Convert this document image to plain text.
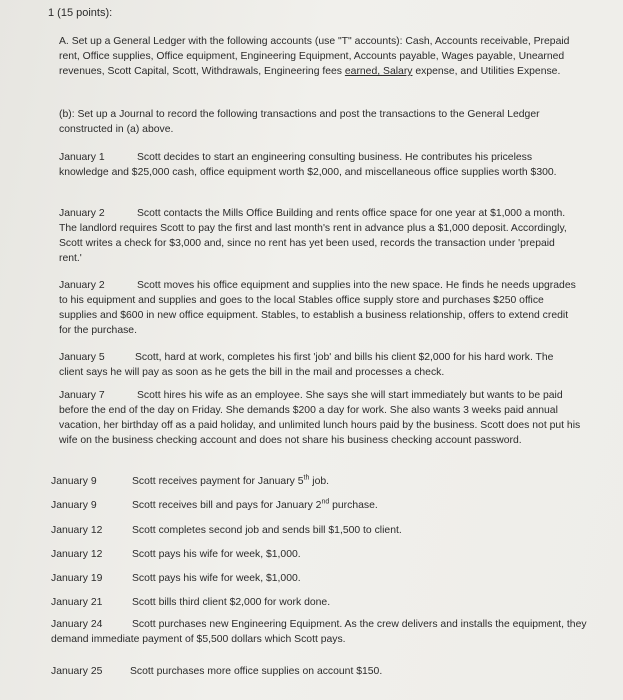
1 (15 points):
A. Set up a General Ledger with the following accounts (use "T" accounts): Cash, Accounts receivable, Prepaid rent, Office supplies, Office equipment, Engineering Equipment, Accounts payable, Wages payable, Unearned revenues, Scott Capital, Scott, Withdrawals, Engineering fees earned, Salary expense, and Utilities Expense.
(b): Set up a Journal to record the following transactions and post the transactions to the General Ledger constructed in (a) above.
January 1	Scott decides to start an engineering consulting business. He contributes his priceless knowledge and $25,000 cash, office equipment worth $2,000, and miscellaneous office supplies worth $300.
January 2	Scott contacts the Mills Office Building and rents office space for one year at $1,000 a month. The landlord requires Scott to pay the first and last month's rent in advance plus a $1,000 deposit. Accordingly, Scott writes a check for $3,000 and, since no rent has yet been used, records the transaction under 'prepaid rent.'
January 2	Scott moves his office equipment and supplies into the new space. He finds he needs upgrades to his equipment and supplies and goes to the local Stables office supply store and purchases $250 office supplies and $600 in new office equipment. Stables, to establish a business relationship, offers to extend credit for the purchase.
January 5	Scott, hard at work, completes his first 'job' and bills his client $2,000 for his hard work. The client says he will pay as soon as he gets the bill in the mail and processes a check.
January 7	Scott hires his wife as an employee. She says she will start immediately but wants to be paid before the end of the day on Friday. She demands $200 a day for work. She also wants 3 weeks paid annual vacation, her birthday off as a paid holiday, and unlimited lunch hours paid by the business. Scott does not put his wife on the business checking account and does not share his business checking account password.
January 9	Scott receives payment for January 5th job.
January 9	Scott receives bill and pays for January 2nd purchase.
January 12	Scott completes second job and sends bill $1,500 to client.
January 12	Scott pays his wife for week, $1,000.
January 19	Scott pays his wife for week, $1,000.
January 21	Scott bills third client $2,000 for work done.
January 24	Scott purchases new Engineering Equipment. As the crew delivers and installs the equipment, they demand immediate payment of $5,500 dollars which Scott pays.
January 25	Scott purchases more office supplies on account $150.
